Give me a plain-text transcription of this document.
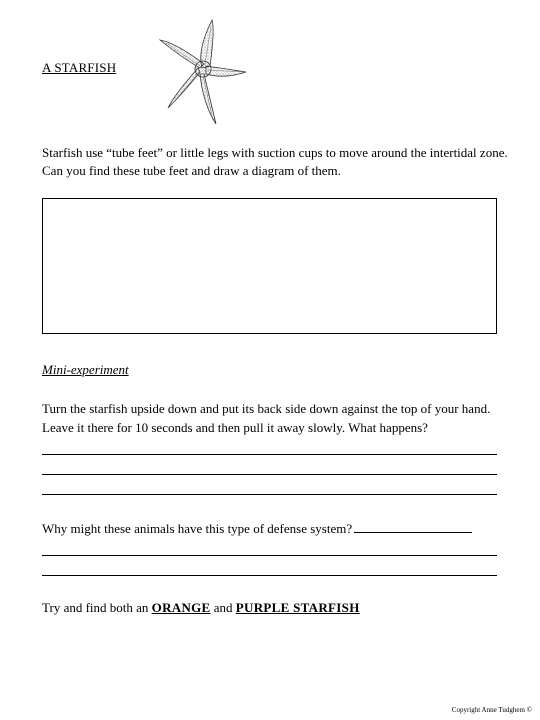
A STARFISH
Starfish use “tube feet” or little legs with suction cups to move around the intertidal zone. Can you find these tube feet and draw a diagram of them.
Mini-experiment
Turn the starfish upside down and put its back side down against the top of your hand. Leave it there for 10 seconds and then pull it away slowly. What happens?
Why might these animals have this type of defense system?
Try and find both an ORANGE and PURPLE STARFISH
Copyright Anne Tudghem ©
